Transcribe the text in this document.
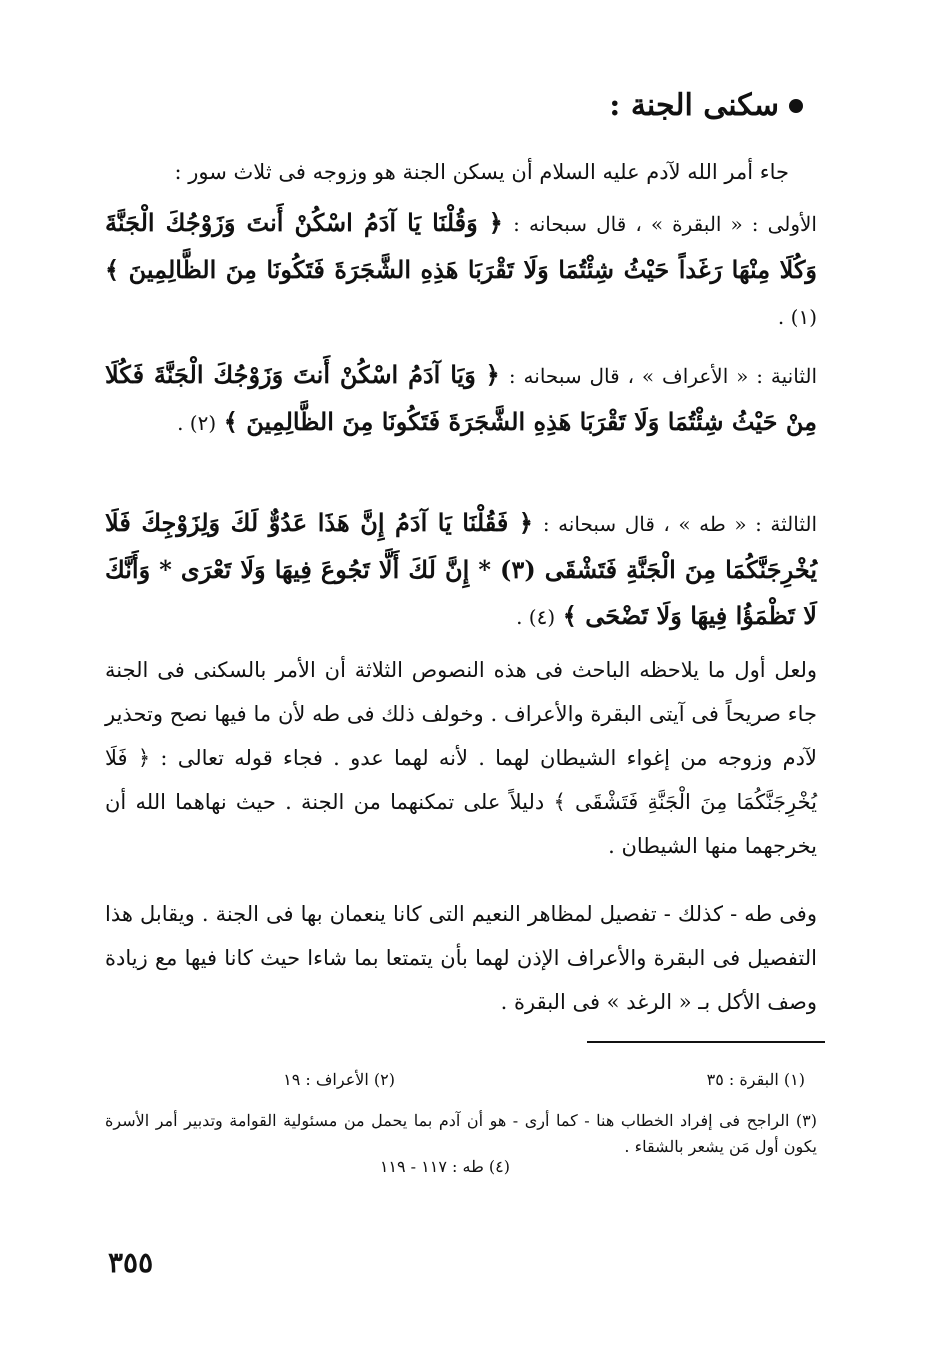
سكنى الجنة :
جاء أمر الله لآدم عليه السلام أن يسكن الجنة هو وزوجه فى ثلاث سور :
الأولى : « البقرة » ، قال سبحانه : ﴿ وَقُلْنَا يَا آدَمُ اسْكُنْ أَنتَ وَزَوْجُكَ الْجَنَّةَ وَكُلَا مِنْهَا رَغَداً حَيْثُ شِئْتُمَا وَلَا تَقْرَبَا هَذِهِ الشَّجَرَةَ فَتَكُونَا مِنَ الظَّالِمِينَ ﴾ (١) .
الثانية : « الأعراف » ، قال سبحانه : ﴿ وَيَا آدَمُ اسْكُنْ أَنتَ وَزَوْجُكَ الْجَنَّةَ فَكُلَا مِنْ حَيْثُ شِئْتُمَا وَلَا تَقْرَبَا هَذِهِ الشَّجَرَةَ فَتَكُونَا مِنَ الظَّالِمِينَ ﴾ (٢) .
الثالثة : « طه » ، قال سبحانه : ﴿ فَقُلْنَا يَا آدَمُ إِنَّ هَذَا عَدُوٌّ لَكَ وَلِزَوْجِكَ فَلَا يُخْرِجَنَّكُمَا مِنَ الْجَنَّةِ فَتَشْقَى (٣) * إِنَّ لَكَ أَلَّا تَجُوعَ فِيهَا وَلَا تَعْرَى * وَأَنَّكَ لَا تَظْمَؤُا فِيهَا وَلَا تَضْحَى ﴾ (٤) .
ولعل أول ما يلاحظه الباحث فى هذه النصوص الثلاثة أن الأمر بالسكنى فى الجنة جاء صريحاً فى آيتى البقرة والأعراف . وخولف ذلك فى طه لأن ما فيها نصح وتحذير لآدم وزوجه من إغواء الشيطان لهما . لأنه لهما عدو . فجاء قوله تعالى : ﴿ فَلَا يُخْرِجَنَّكُمَا مِنَ الْجَنَّةِ فَتَشْقَى ﴾ دليلاً على تمكنهما من الجنة . حيث نهاهما الله أن يخرجهما منها الشيطان .
وفى طه - كذلك - تفصيل لمظاهر النعيم التى كانا ينعمان بها فى الجنة . ويقابل هذا التفصيل فى البقرة والأعراف الإذن لهما بأن يتمتعا بما شاءا حيث كانا فيها مع زيادة وصف الأكل بـ « الرغد » فى البقرة .
(١) البقرة : ٣٥
(٢) الأعراف : ١٩
(٣) الراجح فى إفراد الخطاب هنا - كما أرى - هو أن آدم بما يحمل من مسئولية القوامة وتدبير أمر الأسرة يكون أول مَن يشعر بالشقاء .
(٤) طه : ١١٧ - ١١٩
٣٥٥
